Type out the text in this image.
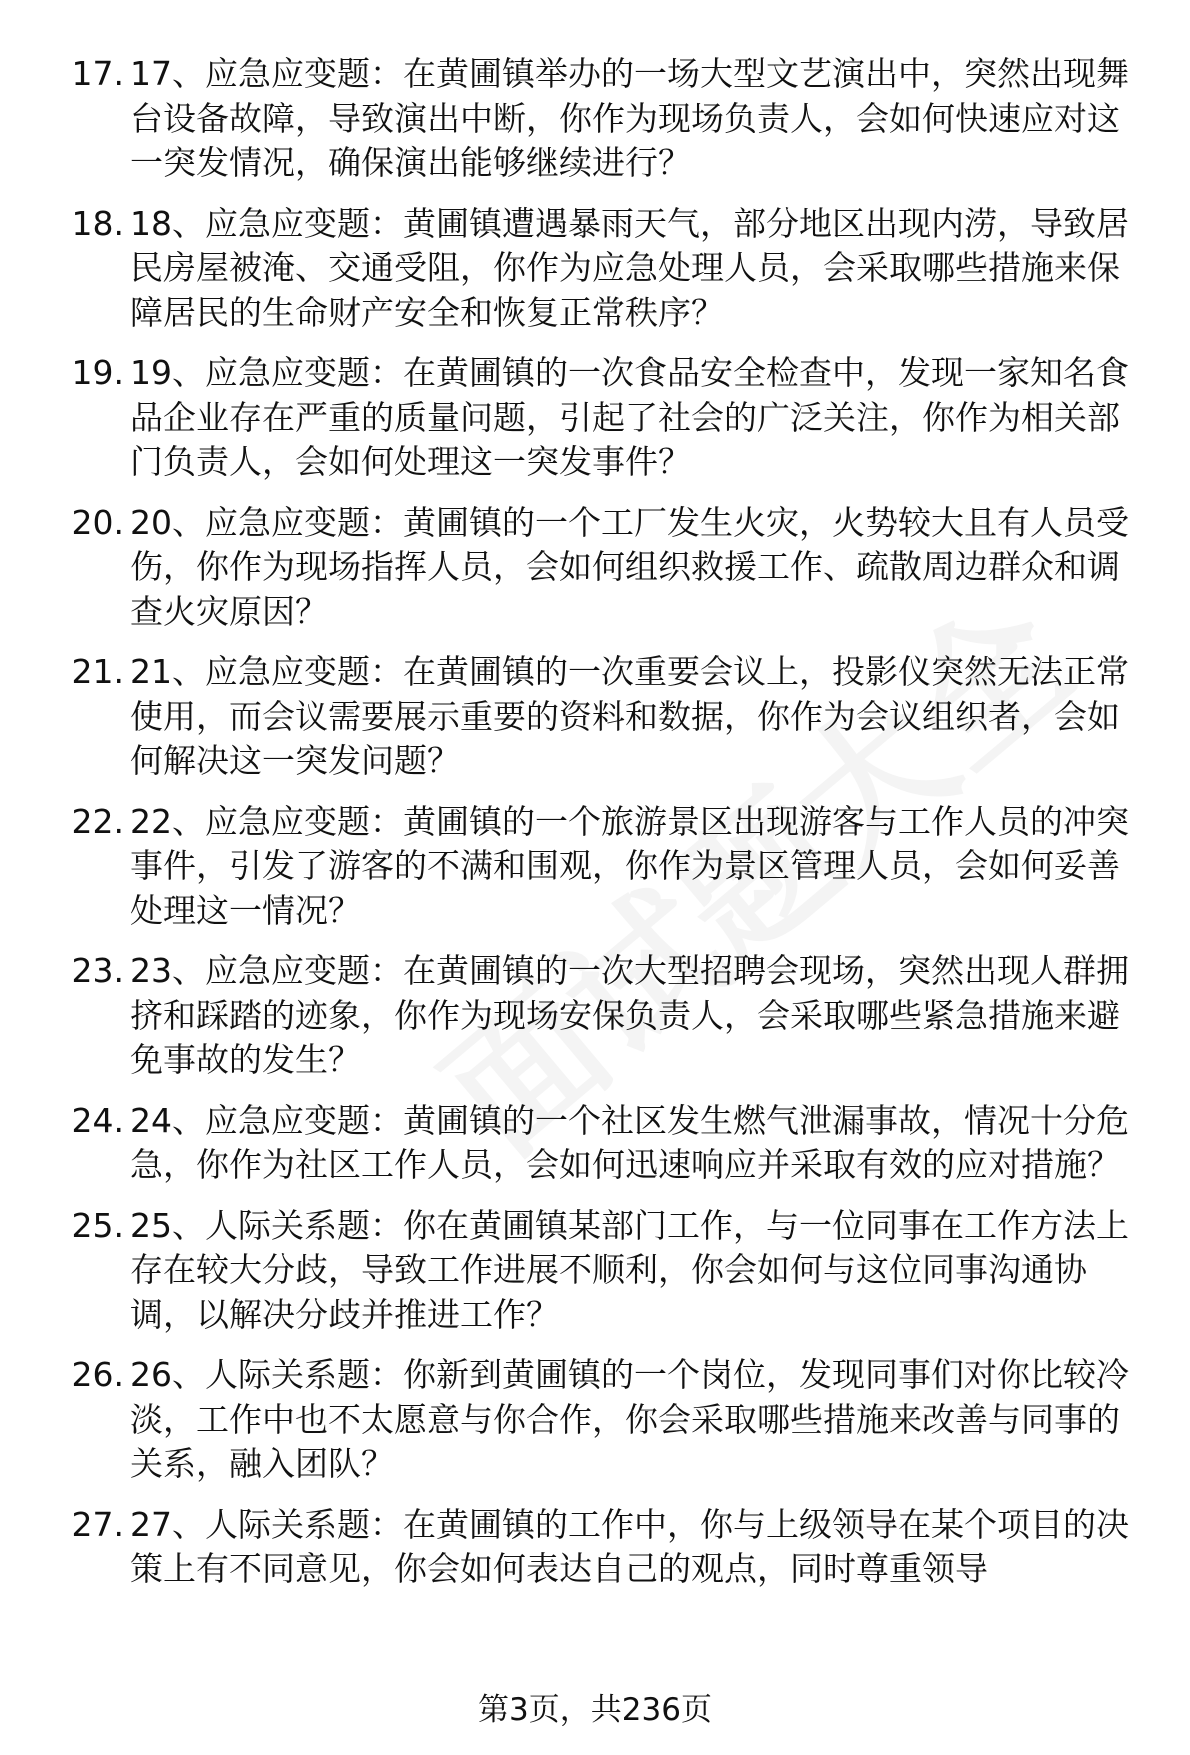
17. 17、应急应变题：在黄圃镇举办的一场大型文艺演出中，突然出现舞台设备故障，导致演出中断，你作为现场负责人，会如何快速应对这一突发情况，确保演出能够继续进行？
18. 18、应急应变题：黄圃镇遭遇暴雨天气，部分地区出现内涝，导致居民房屋被淹、交通受阻，你作为应急处理人员，会采取哪些措施来保障居民的生命财产安全和恢复正常秩序？
19. 19、应急应变题：在黄圃镇的一次食品安全检查中，发现一家知名食品企业存在严重的质量问题，引起了社会的广泛关注，你作为相关部门负责人，会如何处理这一突发事件？
20. 20、应急应变题：黄圃镇的一个工厂发生火灾，火势较大且有人员受伤，你作为现场指挥人员，会如何组织救援工作、疏散周边群众和调查火灾原因？
21. 21、应急应变题：在黄圃镇的一次重要会议上，投影仪突然无法正常使用，而会议需要展示重要的资料和数据，你作为会议组织者，会如何解决这一突发问题？
22. 22、应急应变题：黄圃镇的一个旅游景区出现游客与工作人员的冲突事件，引发了游客的不满和围观，你作为景区管理人员，会如何妥善处理这一情况？
23. 23、应急应变题：在黄圃镇的一次大型招聘会现场，突然出现人群拥挤和踩踏的迹象，你作为现场安保负责人，会采取哪些紧急措施来避免事故的发生？
24. 24、应急应变题：黄圃镇的一个社区发生燃气泄漏事故，情况十分危急，你作为社区工作人员，会如何迅速响应并采取有效的应对措施？
25. 25、人际关系题：你在黄圃镇某部门工作，与一位同事在工作方法上存在较大分歧，导致工作进展不顺利，你会如何与这位同事沟通协调，以解决分歧并推进工作？
26. 26、人际关系题：你新到黄圃镇的一个岗位，发现同事们对你比较冷淡，工作中也不太愿意与你合作，你会采取哪些措施来改善与同事的关系，融入团队？
27. 27、人际关系题：在黄圃镇的工作中，你与上级领导在某个项目的决策上有不同意见，你会如何表达自己的观点，同时尊重领导
第3页，共236页
